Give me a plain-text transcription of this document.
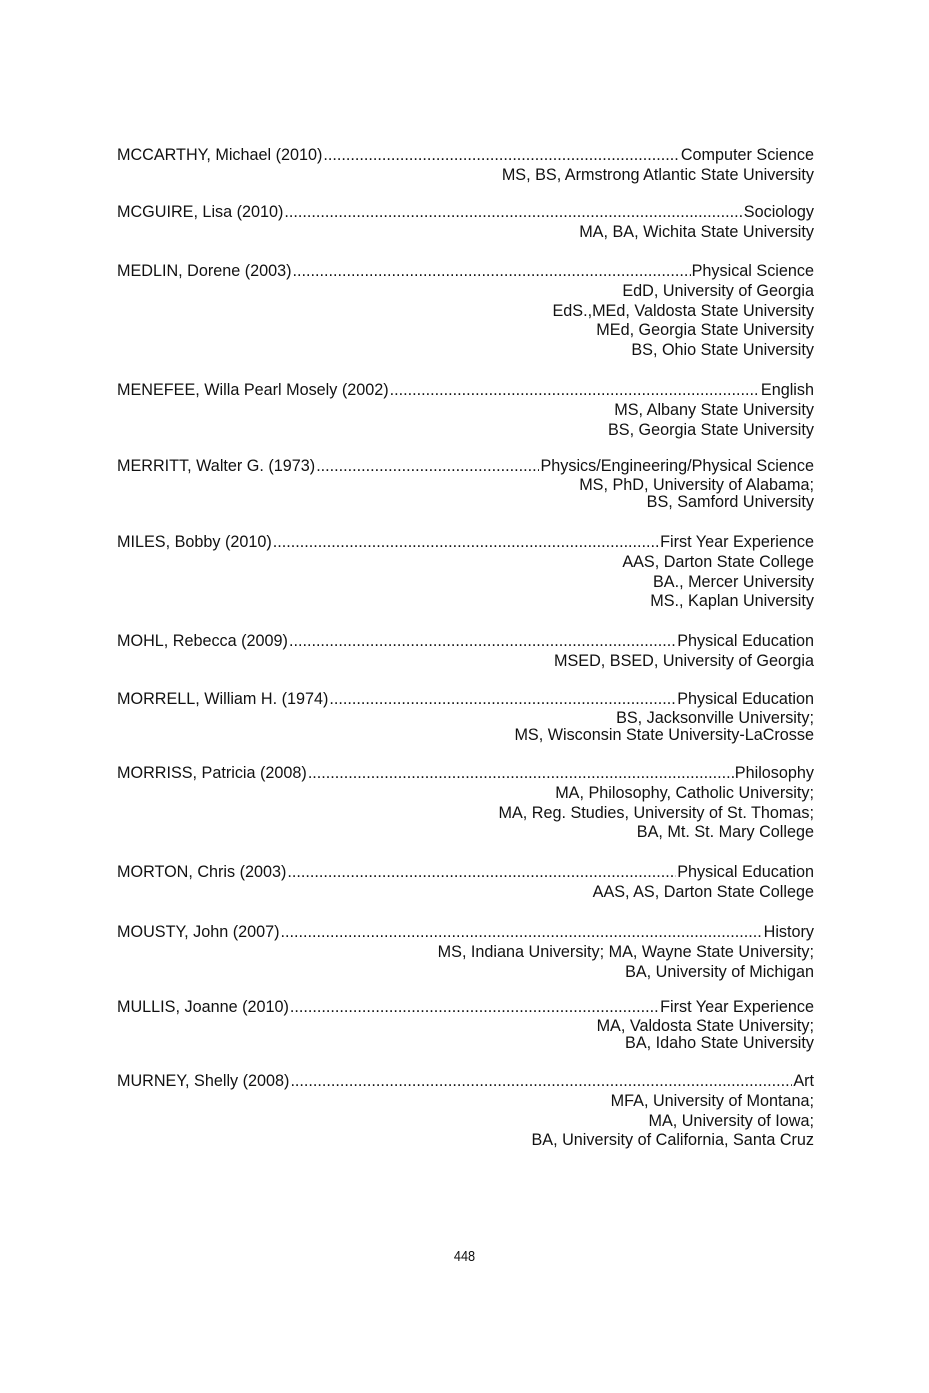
MCCARTHY, Michael (2010) .....	Computer Science
MS, BS, Armstrong Atlantic State University
MCGUIRE, Lisa (2010) .....	Sociology
MA, BA, Wichita State University
MEDLIN, Dorene (2003) .....	Physical Science
EdD, University of Georgia
EdS.,MEd, Valdosta State University
MEd, Georgia State University
BS, Ohio State University
MENEFEE, Willa Pearl Mosely (2002) .....	English
MS, Albany State University
BS, Georgia State University
MERRITT, Walter G. (1973) .....	Physics/Engineering/Physical Science
MS, PhD, University of Alabama;
BS, Samford University
MILES, Bobby (2010) .....	First Year Experience
AAS, Darton State College
BA., Mercer University
MS., Kaplan University
MOHL, Rebecca (2009) .....	Physical Education
MSED, BSED, University of Georgia
MORRELL, William H. (1974) .....	Physical Education
BS, Jacksonville University;
MS, Wisconsin State University-LaCrosse
MORRISS, Patricia (2008) .....	Philosophy
MA, Philosophy, Catholic University;
MA, Reg. Studies, University of St. Thomas;
BA, Mt. St. Mary College
MORTON, Chris (2003) .....	Physical Education
AAS, AS, Darton State College
MOUSTY, John (2007) .....	History
MS, Indiana University; MA, Wayne State University;
BA, University of Michigan
MULLIS, Joanne (2010) .....	First Year Experience
MA, Valdosta State University;
BA, Idaho State University
MURNEY, Shelly (2008) .....	Art
MFA, University of Montana;
MA, University of Iowa;
BA, University of California, Santa Cruz
448
